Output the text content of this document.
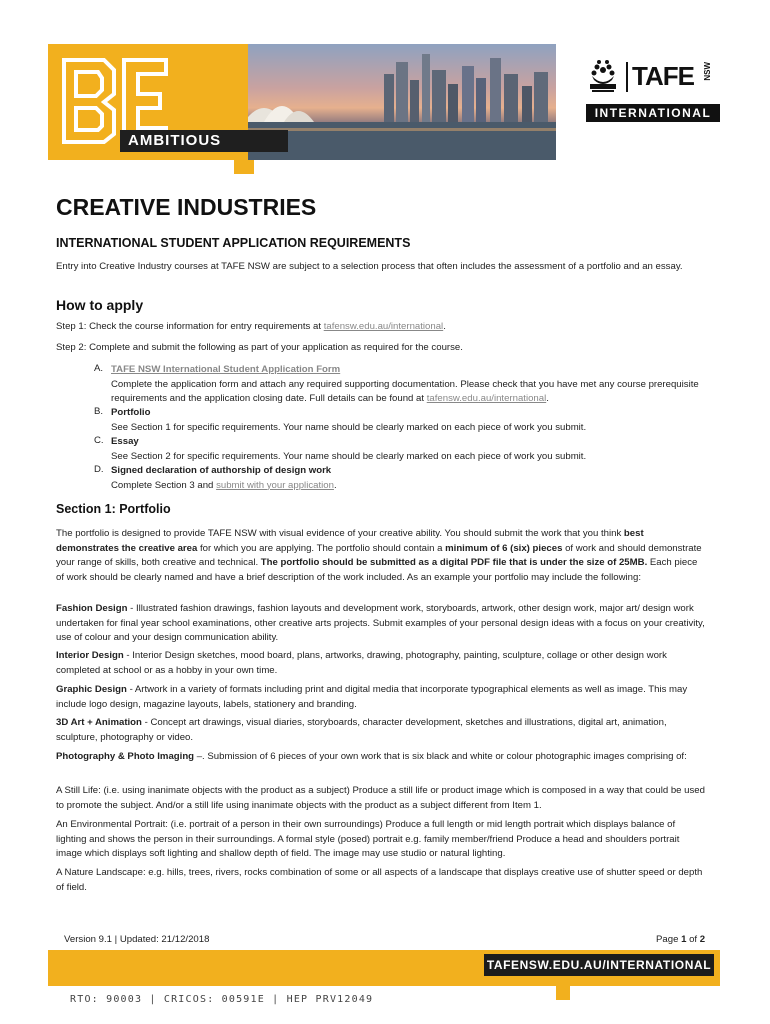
AMBITIOUS
TAFE NSW
INTERNATIONAL
CREATIVE INDUSTRIES
INTERNATIONAL STUDENT APPLICATION REQUIREMENTS
Entry into Creative Industry courses at TAFE NSW are subject to a selection process that often includes the assessment of a portfolio and an essay.
How to apply
Step 1: Check the course information for entry requirements at tafensw.edu.au/international.
Step 2: Complete and submit the following as part of your application as required for the course.
A. TAFE NSW International Student Application Form
Complete the application form and attach any required supporting documentation. Please check that you have met any course prerequisite requirements and the application closing date. Full details can be found at tafensw.edu.au/international.
B. Portfolio
See Section 1 for specific requirements. Your name should be clearly marked on each piece of work you submit.
C. Essay
See Section 2 for specific requirements. Your name should be clearly marked on each piece of work you submit.
D. Signed declaration of authorship of design work
Complete Section 3 and submit with your application.
Section 1: Portfolio
The portfolio is designed to provide TAFE NSW with visual evidence of your creative ability. You should submit the work that you think best demonstrates the creative area for which you are applying. The portfolio should contain a minimum of 6 (six) pieces of work and should demonstrate your range of skills, both creative and technical. The portfolio should be submitted as a digital PDF file that is under the size of 25MB. Each piece of work should be clearly named and have a brief description of the work included. As an example your portfolio may include the following:
Fashion Design - Illustrated fashion drawings, fashion layouts and development work, storyboards, artwork, other design work, major art/ design work undertaken for final year school examinations, other creative arts projects. Submit examples of your personal design ideas with a focus on your creativity, use of colour and your design communication ability.
Interior Design - Interior Design sketches, mood board, plans, artworks, drawing, photography, painting, sculpture, collage or other design work completed at school or as a hobby in your own time.
Graphic Design - Artwork in a variety of formats including print and digital media that incorporate typographical elements as well as image. This may include logo design, magazine layouts, labels, stationery and branding.
3D Art + Animation - Concept art drawings, visual diaries, storyboards, character development, sketches and illustrations, digital art, animation, sculpture, photography or video.
Photography & Photo Imaging –. Submission of 6 pieces of your own work that is six black and white or colour photographic images comprising of:
A Still Life: (i.e. using inanimate objects with the product as a subject) Produce a still life or product image which is composed in a way that could be used to promote the subject. And/or a still life using inanimate objects with the product as a subject different from Item 1.
An Environmental Portrait: (i.e. portrait of a person in their own surroundings) Produce a full length or mid length portrait which displays balance of lighting and shows the person in their surroundings. A formal style (posed) portrait e.g. family member/friend Produce a head and shoulders portrait image which displays soft lighting and shallow depth of field. The image may use studio or natural lighting.
A Nature Landscape: e.g. hills, trees, rivers, rocks combination of some or all aspects of a landscape that displays creative use of shutter speed or depth of field.
Version 9.1 | Updated: 21/12/2018	Page 1 of 2
TAFENSW.EDU.AU/INTERNATIONAL
RTO: 90003 | CRICOS: 00591E | HEP PRV12049
